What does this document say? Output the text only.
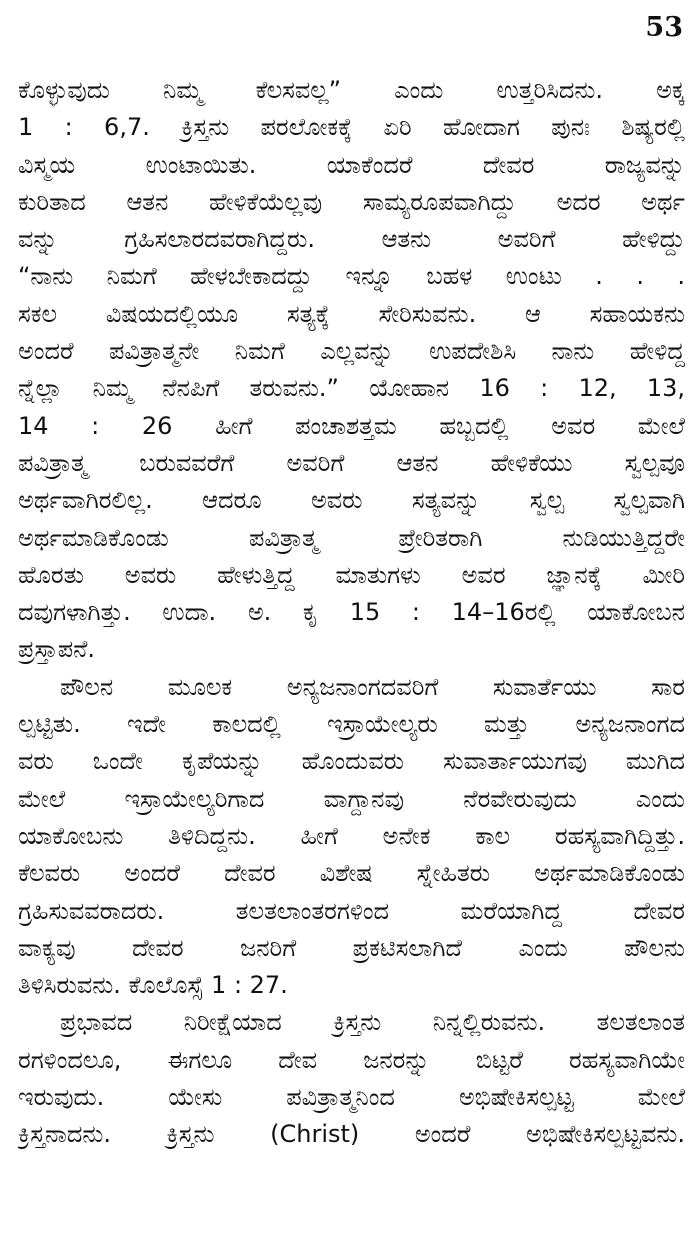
53
ಕೊಳ್ಳುವುದು ನಿಮ್ಮ ಕೆಲಸವಲ್ಲ” ಎಂದು ಉತ್ತರಿಸಿದನು. ಅಕ್ಕ
1 : 6,7. ಕ್ರಿಸ್ತನು ಪರಲೋಕಕ್ಕೆ ಏರಿ ಹೋದಾಗ ಪುನಃ ಶಿಷ್ಯರಲ್ಲಿ
ವಿಸ್ಮಯ ಉಂಟಾಯಿತು. ಯಾಕೆಂದರೆ ದೇವರ ರಾಜ್ಯವನ್ನು
ಕುರಿತಾದ ಆತನ ಹೇಳಿಕೆಯೆಲ್ಲವು ಸಾಮ್ಯರೂಪವಾಗಿದ್ದು ಅದರ ಅರ್ಥ
ವನ್ನು ಗ್ರಹಿಸಲಾರದವರಾಗಿದ್ದರು. ಆತನು ಅವರಿಗೆ ಹೇಳಿದ್ದು
“ನಾನು ನಿಮಗೆ ಹೇಳಬೇಕಾದದ್ದು ಇನ್ನೂ ಬಹಳ ಉಂಟು . . .
ಸಕಲ ವಿಷಯದಲ್ಲಿಯೂ ಸತ್ಯಕ್ಕೆ ಸೇರಿಸುವನು. ಆ ಸಹಾಯಕನು
ಅಂದರೆ ಪವಿತ್ರಾತ್ಮನೇ ನಿಮಗೆ ಎಲ್ಲವನ್ನು ಉಪದೇಶಿಸಿ ನಾನು ಹೇಳಿದ್ದ
ನ್ನೆಲ್ಲಾ ನಿಮ್ಮ ನೆನಪಿಗೆ ತರುವನು.” ಯೋಹಾನ 16 : 12, 13,
14 : 26 ಹೀಗೆ ಪಂಚಾಶತ್ತಮ ಹಬ್ಬದಲ್ಲಿ ಅವರ ಮೇಲೆ
ಪವಿತ್ರಾತ್ಮ ಬರುವವರೆಗೆ ಅವರಿಗೆ ಆತನ ಹೇಳಿಕೆಯು ಸ್ವಲ್ಪವೂ
ಅರ್ಥವಾಗಿರಲಿಲ್ಲ. ಆದರೂ ಅವರು ಸತ್ಯವನ್ನು ಸ್ವಲ್ಪ ಸ್ವಲ್ಪವಾಗಿ
ಅರ್ಥಮಾಡಿಕೊಂಡು ಪವಿತ್ರಾತ್ಮ ಪ್ರೇರಿತರಾಗಿ ನುಡಿಯುತ್ತಿದ್ದರೇ
ಹೊರತು ಅವರು ಹೇಳುತ್ತಿದ್ದ ಮಾತುಗಳು ಅವರ ಜ್ಞಾನಕ್ಕೆ ಮೀರಿ
ದವುಗಳಾಗಿತ್ತು. ಉದಾ. ಅ. ಕೃ 15 : 14–16ರಲ್ಲಿ ಯಾಕೋಬನ
ಪ್ರಸ್ತಾಪನೆ.
ಪೌಲನ ಮೂಲಕ ಅನ್ಯಜನಾಂಗದವರಿಗೆ ಸುವಾರ್ತೆಯು ಸಾರ
ಲ್ಪಟ್ಟಿತು. ಇದೇ ಕಾಲದಲ್ಲಿ ಇಸ್ರಾಯೇಲ್ಯರು ಮತ್ತು ಅನ್ಯಜನಾಂಗದ
ವರು ಒಂದೇ ಕೃಪೆಯನ್ನು ಹೊಂದುವರು ಸುವಾರ್ತಾಯುಗವು ಮುಗಿದ
ಮೇಲೆ ಇಸ್ರಾಯೇಲ್ಯರಿಗಾದ ವಾಗ್ದಾನವು ನೆರವೇರುವುದು ಎಂದು
ಯಾಕೋಬನು ತಿಳಿದಿದ್ದನು. ಹೀಗೆ ಅನೇಕ ಕಾಲ ರಹಸ್ಯವಾಗಿದ್ದಿತ್ತು.
ಕೆಲವರು ಅಂದರೆ ದೇವರ ವಿಶೇಷ ಸ್ನೇಹಿತರು ಅರ್ಥಮಾಡಿಕೊಂಡು
ಗ್ರಹಿಸುವವರಾದರು. ತಲತಲಾಂತರಗಳಿಂದ ಮರೆಯಾಗಿದ್ದ ದೇವರ
ವಾಕ್ಯವು ದೇವರ ಜನರಿಗೆ ಪ್ರಕಟಿಸಲಾಗಿದೆ ಎಂದು ಪೌಲನು
ತಿಳಿಸಿರುವನು. ಕೊಲೊಸ್ಸೆ 1 : 27.
ಪ್ರಭಾವದ ನಿರೀಕ್ಷೆಯಾದ ಕ್ರಿಸ್ತನು ನಿನ್ನಲ್ಲಿರುವನು. ತಲತಲಾಂತ
ರಗಳಿಂದಲೂ, ಈಗಲೂ ದೇವ ಜನರನ್ನು ಬಿಟ್ಟರೆ ರಹಸ್ಯವಾಗಿಯೇ
ಇರುವುದು. ಯೇಸು ಪವಿತ್ರಾತ್ಮನಿಂದ ಅಭಿಷೇಕಿಸಲ್ಪಟ್ಟ ಮೇಲೆ
ಕ್ರಿಸ್ತನಾದನು. ಕ್ರಿಸ್ತನು (Christ) ಅಂದರೆ ಅಭಿಷೇಕಿಸಲ್ಪಟ್ಟವನು.
